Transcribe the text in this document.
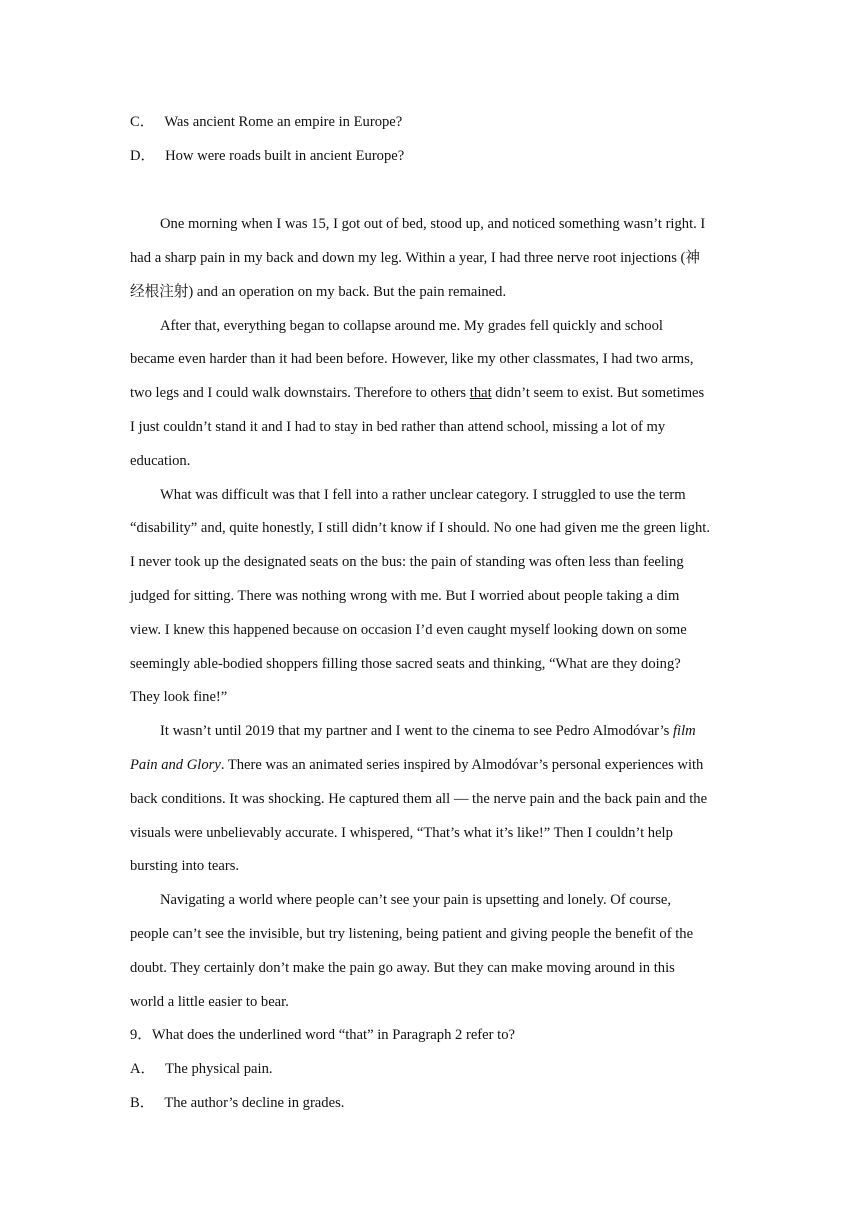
C． Was ancient Rome an empire in Europe?
D． How were roads built in ancient Europe?
One morning when I was 15, I got out of bed, stood up, and noticed something wasn’t right. I
had a sharp pain in my back and down my leg. Within a year, I had three nerve root injections (神
经根注射) and an operation on my back. But the pain remained.
After that, everything began to collapse around me. My grades fell quickly and school
became even harder than it had been before. However, like my other classmates, I had two arms,
two legs and I could walk downstairs. Therefore to others that didn’t seem to exist. But sometimes
I just couldn’t stand it and I had to stay in bed rather than attend school, missing a lot of my
education.
What was difficult was that I fell into a rather unclear category. I struggled to use the term
“disability” and, quite honestly, I still didn’t know if I should. No one had given me the green light.
I never took up the designated seats on the bus: the pain of standing was often less than feeling
judged for sitting. There was nothing wrong with me. But I worried about people taking a dim
view. I knew this happened because on occasion I’d even caught myself looking down on some
seemingly able-bodied shoppers filling those sacred seats and thinking, “What are they doing?
They look fine!”
It wasn’t until 2019 that my partner and I went to the cinema to see Pedro Almodóvar’s film
Pain and Glory. There was an animated series inspired by Almodóvar’s personal experiences with
back conditions. It was shocking. He captured them all — the nerve pain and the back pain and the
visuals were unbelievably accurate. I whispered, “That’s what it’s like!” Then I couldn’t help
bursting into tears.
Navigating a world where people can’t see your pain is upsetting and lonely. Of course,
people can’t see the invisible, but try listening, being patient and giving people the benefit of the
doubt. They certainly don’t make the pain go away. But they can make moving around in this
world a little easier to bear.
9．What does the underlined word “that” in Paragraph 2 refer to?
A． The physical pain.
B． The author’s decline in grades.
